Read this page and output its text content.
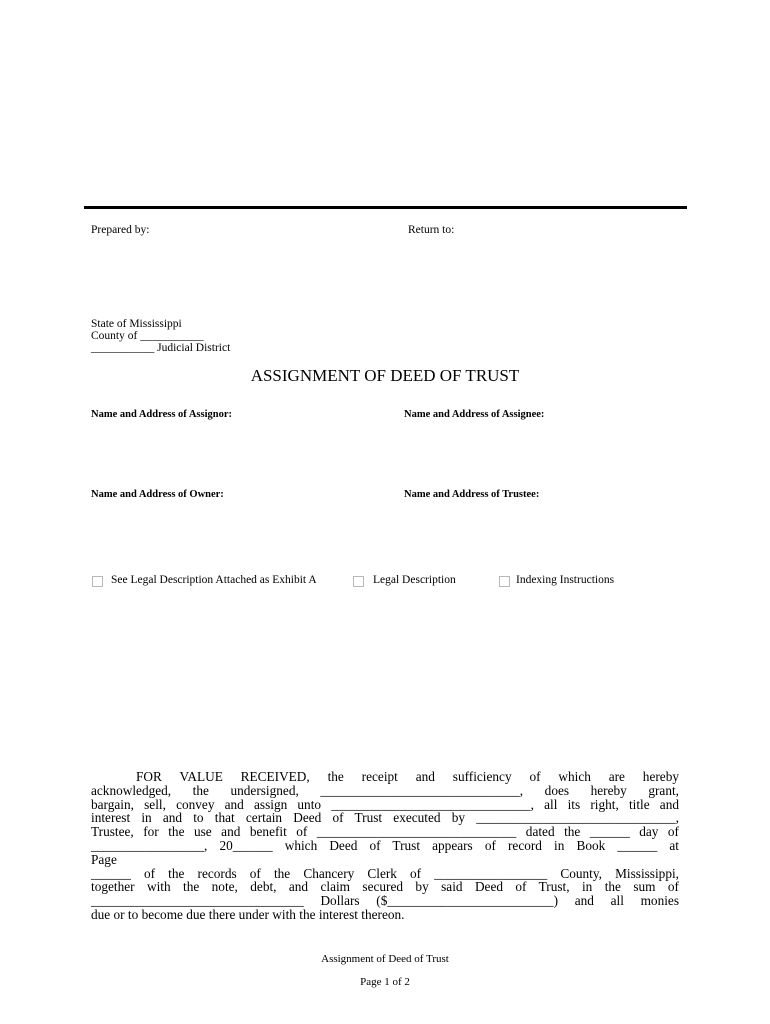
Prepared by:	Return to:
State of Mississippi
County of ___________
___________ Judicial District
ASSIGNMENT OF DEED OF TRUST
Name and Address of Assignor:	Name and Address of Assignee:
Name and Address of Owner:	Name and Address of Trustee:
See Legal Description Attached as Exhibit A	Legal Description	Indexing Instructions
FOR VALUE RECEIVED, the receipt and sufficiency of which are hereby
acknowledged, the undersigned, ______________________________, does hereby grant,
bargain, sell, convey and assign unto ______________________________, all its right, title and
interest in and to that certain Deed of Trust executed by ______________________________,
Trustee, for the use and benefit of ______________________________ dated the ______ day of
_________________, 20______ which Deed of Trust appears of record in Book ______ at
Page
______ of the records of the Chancery Clerk of _________________ County, Mississippi,
together with the note, debt, and claim secured by said Deed of Trust, in the sum of
________________________________ Dollars ($_________________________) and all monies
due or to become due there under with the interest thereon.
Assignment of Deed of Trust
Page 1 of 2
